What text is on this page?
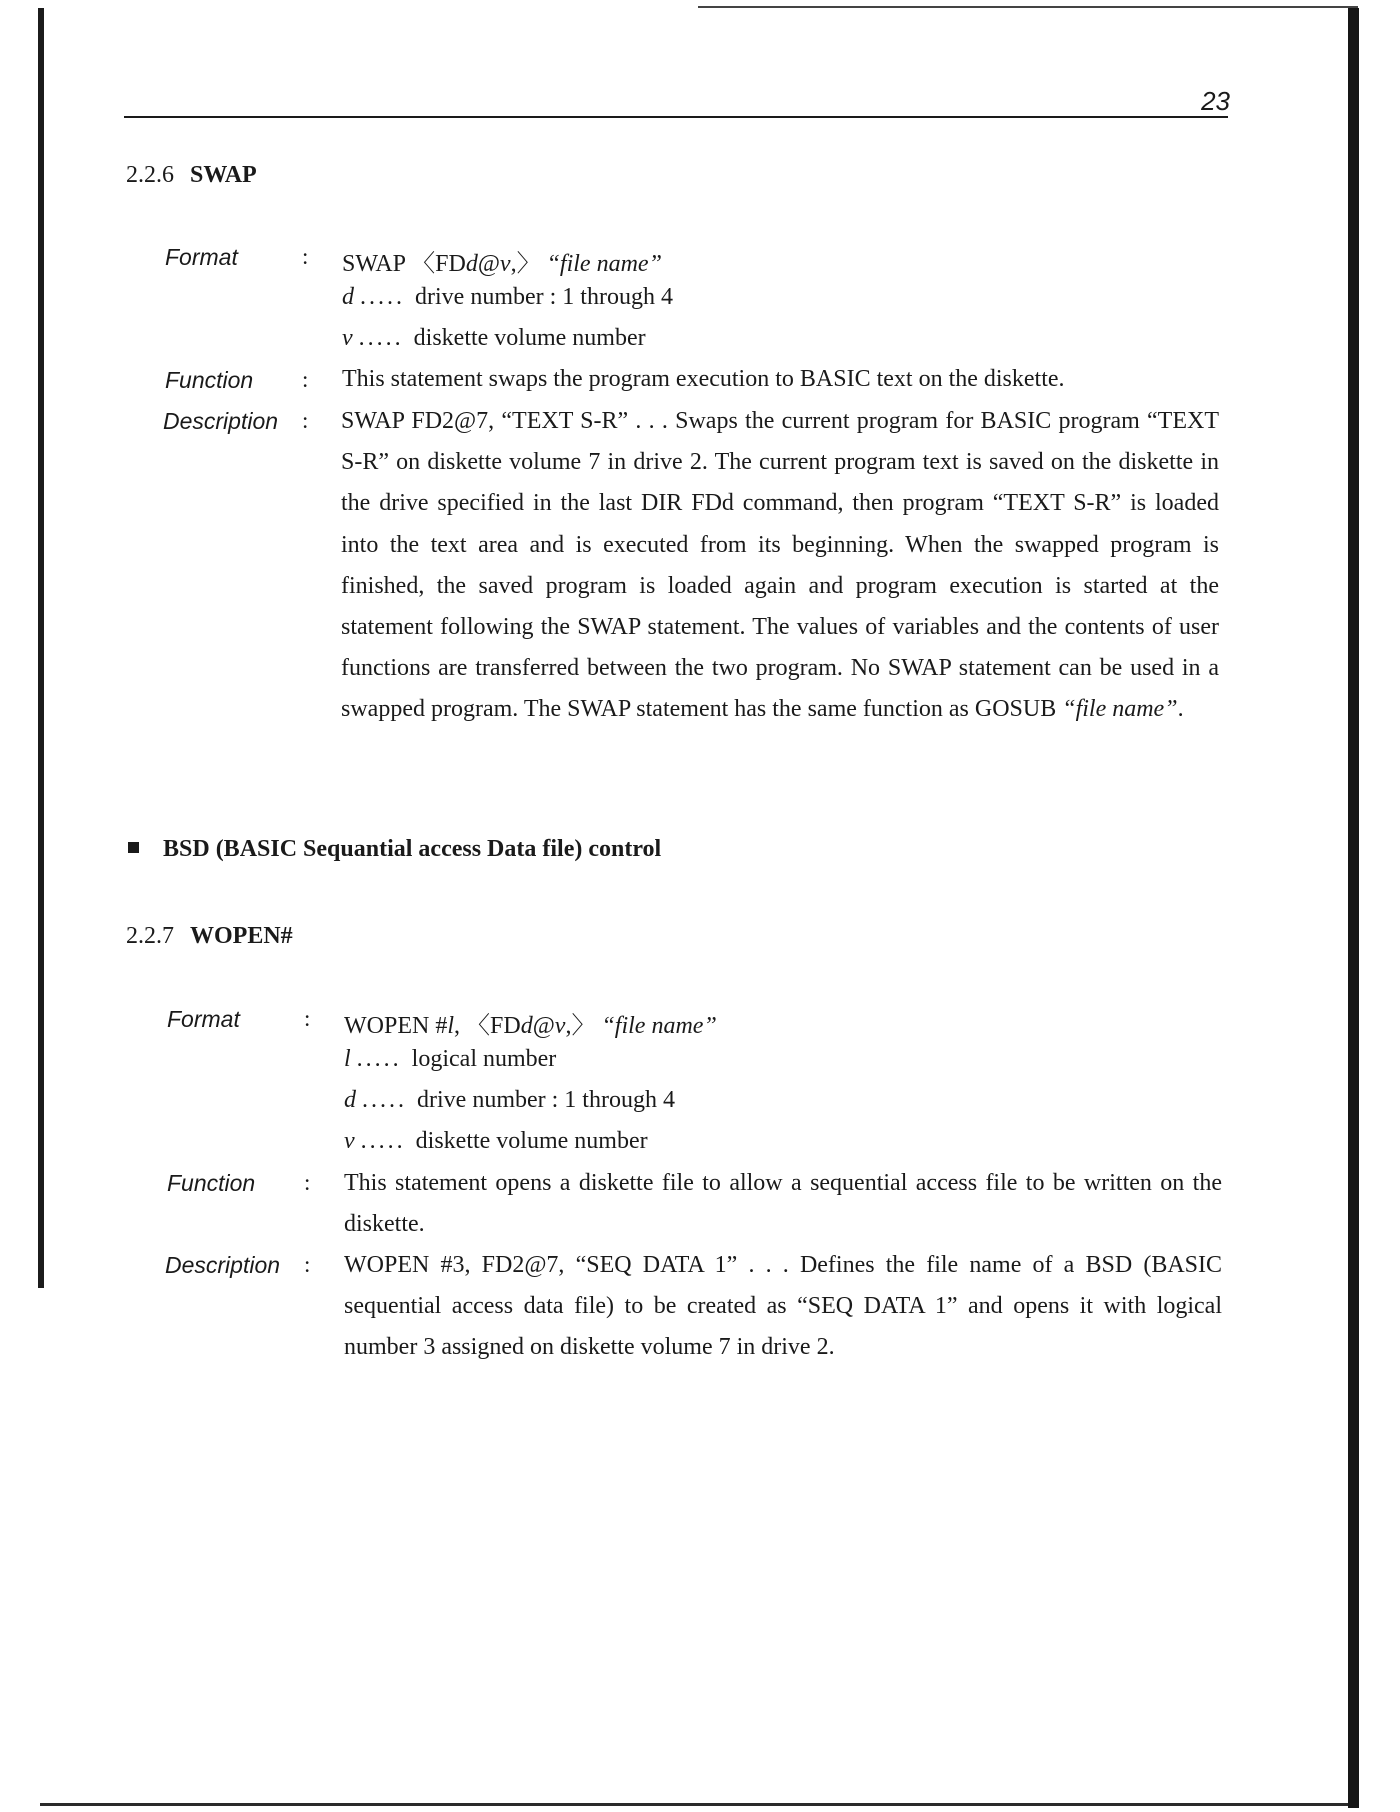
23
2.2.6 SWAP
Format	: SWAP 〈FDd@v,〉 “file name”
d ..... drive number : 1 through 4
v ..... diskette volume number
Function : This statement swaps the program execution to BASIC text on the diskette.
Description : SWAP FD2@7, “TEXT S-R” . . . Swaps the current program for BASIC program “TEXT S-R” on diskette volume 7 in drive 2. The current program text is saved on the diskette in the drive specified in the last DIR FDd command, then program “TEXT S-R” is loaded into the text area and is executed from its beginning. When the swapped program is finished, the saved program is loaded again and program execution is started at the statement following the SWAP statement. The values of variables and the contents of user functions are transferred between the two program. No SWAP statement can be used in a swapped program. The SWAP statement has the same function as GOSUB “file name”.
BSD (BASIC Sequantial access Data file) control
2.2.7 WOPEN#
Format	: WOPEN #l, 〈FDd@v,〉 “file name”
l ..... logical number
d ..... drive number : 1 through 4
v ..... diskette volume number
Function : This statement opens a diskette file to allow a sequential access file to be written on the diskette.
Description : WOPEN #3, FD2@7, “SEQ DATA 1” . . . Defines the file name of a BSD (BASIC sequential access data file) to be created as “SEQ DATA 1” and opens it with logical number 3 assigned on diskette volume 7 in drive 2.
